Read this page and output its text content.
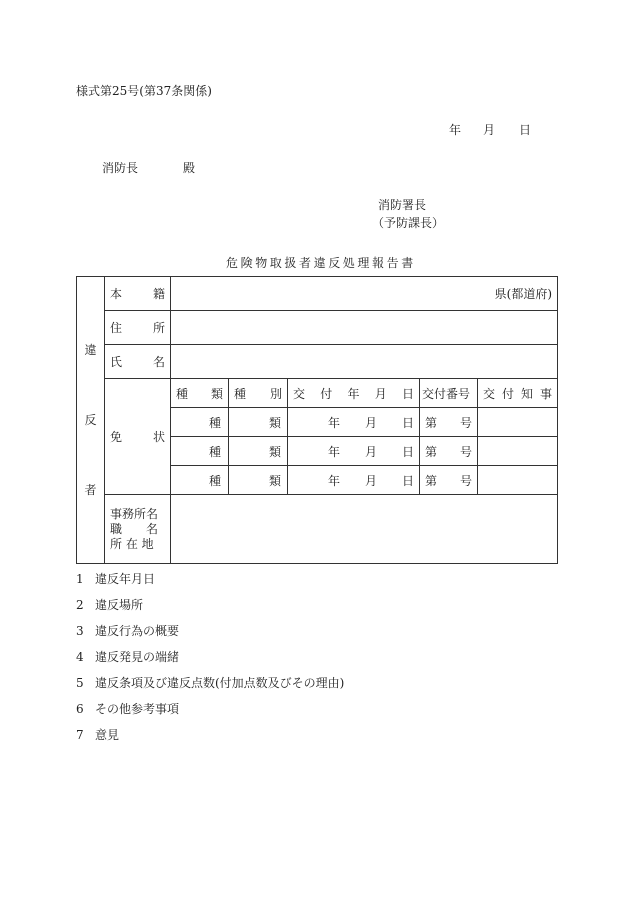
様式第25号(第37条関係)
年 月 日
消防長	殿
消防署長
（予防課長）
危険物取扱者違反処理報告書
違
反
者	本 籍	県(都道府)				

	住 所					

	氏 名					

	免 状	種 類	種 別	交 付 年 月 日	交付番号	交 付 知 事

		種 類		年 月 日	第 号	

		種 類		年 月 日	第 号	

		種 類		年 月 日	第 号	

	事務所名
職　　名
所 在 地					

1 違反年月日
2 違反場所
3 違反行為の概要
4 違反発見の端緒
5 違反条項及び違反点数(付加点数及びその理由)
6 その他参考事項
7 意見
